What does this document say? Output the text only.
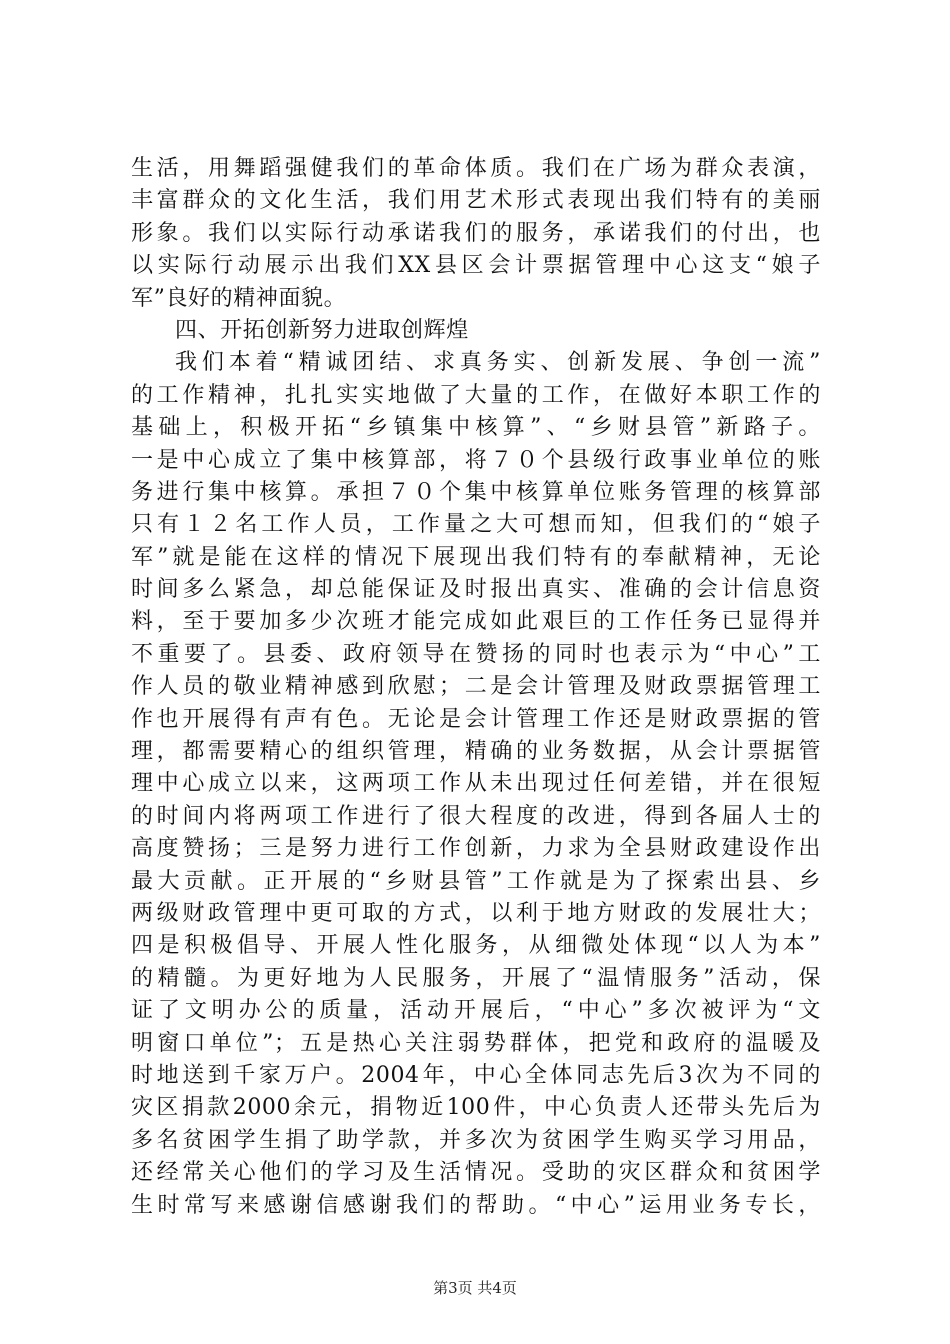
生活，用舞蹈强健我们的革命体质。我们在广场为群众表演，
丰富群众的文化生活，我们用艺术形式表现出我们特有的美丽
形象。我们以实际行动承诺我们的服务，承诺我们的付出，也
以实际行动展示出我们XX县区会计票据管理中心这支“娘子
军”良好的精神面貌。
四、开拓创新努力进取创辉煌
我们本着“精诚团结、求真务实、创新发展、争创一流”
的工作精神，扎扎实实地做了大量的工作，在做好本职工作的
基础上，积极开拓“乡镇集中核算”、“乡财县管”新路子。
一是中心成立了集中核算部，将７０个县级行政事业单位的账
务进行集中核算。承担７０个集中核算单位账务管理的核算部
只有１２名工作人员，工作量之大可想而知，但我们的“娘子
军”就是能在这样的情况下展现出我们特有的奉献精神，无论
时间多么紧急，却总能保证及时报出真实、准确的会计信息资
料，至于要加多少次班才能完成如此艰巨的工作任务已显得并
不重要了。县委、政府领导在赞扬的同时也表示为“中心”工
作人员的敬业精神感到欣慰；二是会计管理及财政票据管理工
作也开展得有声有色。无论是会计管理工作还是财政票据的管
理，都需要精心的组织管理，精确的业务数据，从会计票据管
理中心成立以来，这两项工作从未出现过任何差错，并在很短
的时间内将两项工作进行了很大程度的改进，得到各届人士的
高度赞扬；三是努力进行工作创新，力求为全县财政建设作出
最大贡献。正开展的“乡财县管”工作就是为了探索出县、乡
两级财政管理中更可取的方式，以利于地方财政的发展壮大；
四是积极倡导、开展人性化服务，从细微处体现“以人为本”
的精髓。为更好地为人民服务，开展了“温情服务”活动，保
证了文明办公的质量，活动开展后，“中心”多次被评为“文
明窗口单位”；五是热心关注弱势群体，把党和政府的温暖及
时地送到千家万户。2004年，中心全体同志先后3次为不同的
灾区捐款2000余元，捐物近100件，中心负责人还带头先后为
多名贫困学生捐了助学款，并多次为贫困学生购买学习用品，
还经常关心他们的学习及生活情况。受助的灾区群众和贫困学
生时常写来感谢信感谢我们的帮助。“中心”运用业务专长，
第3页 共4页
